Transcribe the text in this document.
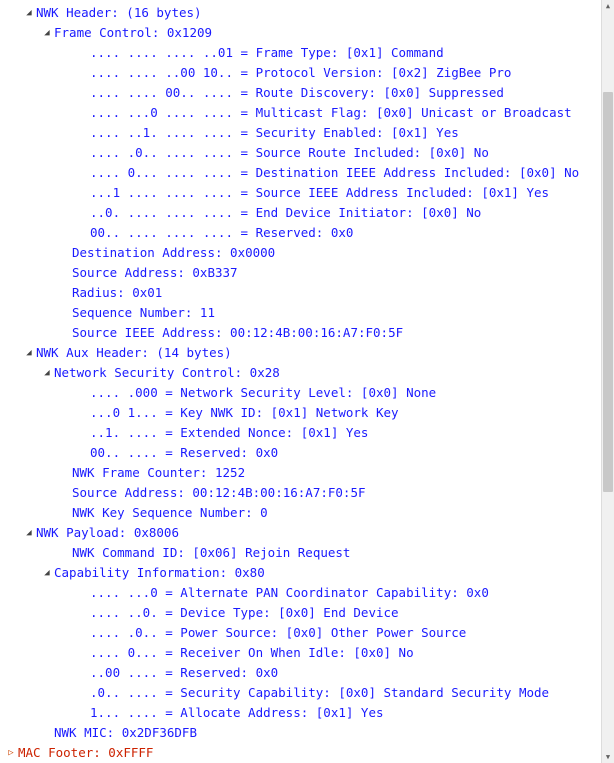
◢ NWK Header: (16 bytes)
◢ Frame Control: 0x1209
.... .... .... ..01 = Frame Type: [0x1] Command
.... .... ..00 10.. = Protocol Version: [0x2] ZigBee Pro
.... .... 00.. .... = Route Discovery: [0x0] Suppressed
.... ...0 .... .... = Multicast Flag: [0x0] Unicast or Broadcast
.... ..1. .... .... = Security Enabled: [0x1] Yes
.... .0.. .... .... = Source Route Included: [0x0] No
.... 0... .... .... = Destination IEEE Address Included: [0x0] No
...1 .... .... .... = Source IEEE Address Included: [0x1] Yes
..0. .... .... .... = End Device Initiator: [0x0] No
00.. .... .... .... = Reserved: 0x0
Destination Address: 0x0000
Source Address: 0xB337
Radius: 0x01
Sequence Number: 11
Source IEEE Address: 00:12:4B:00:16:A7:F0:5F
◢ NWK Aux Header: (14 bytes)
◢ Network Security Control: 0x28
.... .000 = Network Security Level: [0x0] None
...0 1... = Key NWK ID: [0x1] Network Key
..1. .... = Extended Nonce: [0x1] Yes
00.. .... = Reserved: 0x0
NWK Frame Counter: 1252
Source Address: 00:12:4B:00:16:A7:F0:5F
NWK Key Sequence Number: 0
◢ NWK Payload: 0x8006
NWK Command ID: [0x06] Rejoin Request
◢ Capability Information: 0x80
.... ...0 = Alternate PAN Coordinator Capability: 0x0
.... ..0. = Device Type: [0x0] End Device
.... .0.. = Power Source: [0x0] Other Power Source
.... 0... = Receiver On When Idle: [0x0] No
..00 .... = Reserved: 0x0
.0.. .... = Security Capability: [0x0] Standard Security Mode
1... .... = Allocate Address: [0x1] Yes
NWK MIC: 0x2DF36DFB
▷ MAC Footer: 0xFFFF
▲
▼
